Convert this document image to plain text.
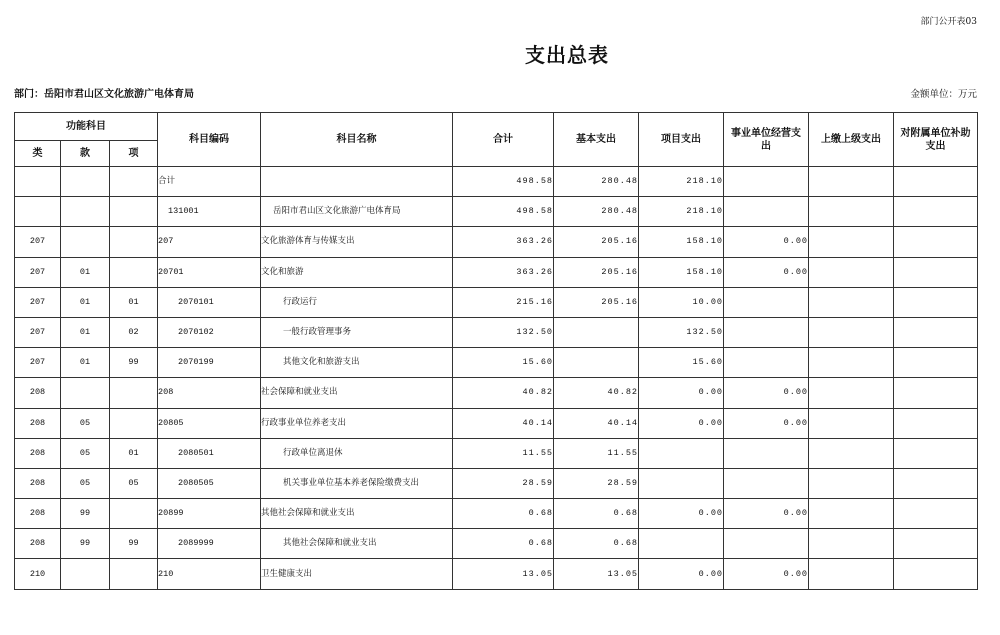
部门公开表03
支出总表
部门：岳阳市君山区文化旅游广电体育局	金额单位：万元
功能科目			科目编码	科目名称	合计	基本支出	项目支出	事业单位经营支出	上缴上级支出	对附属单位补助支出
类	款	项								
			合计		498.58	280.48	218.10			
			131001	岳阳市君山区文化旅游广电体育局	498.58	280.48	218.10			
207			207	文化旅游体育与传媒支出	363.26	205.16	158.10	0.00		
207	01		20701	文化和旅游	363.26	205.16	158.10	0.00		
207	01	01	2070101	行政运行	215.16	205.16	10.00			
207	01	02	2070102	一般行政管理事务	132.50		132.50			
207	01	99	2070199	其他文化和旅游支出	15.60		15.60			
208			208	社会保障和就业支出	40.82	40.82	0.00	0.00		
208	05		20805	行政事业单位养老支出	40.14	40.14	0.00	0.00		
208	05	01	2080501	行政单位离退休	11.55	11.55				
208	05	05	2080505	机关事业单位基本养老保险缴费支出	28.59	28.59				
208	99		20899	其他社会保障和就业支出	0.68	0.68	0.00	0.00		
208	99	99	2089999	其他社会保障和就业支出	0.68	0.68				
210			210	卫生健康支出	13.05	13.05	0.00	0.00		
